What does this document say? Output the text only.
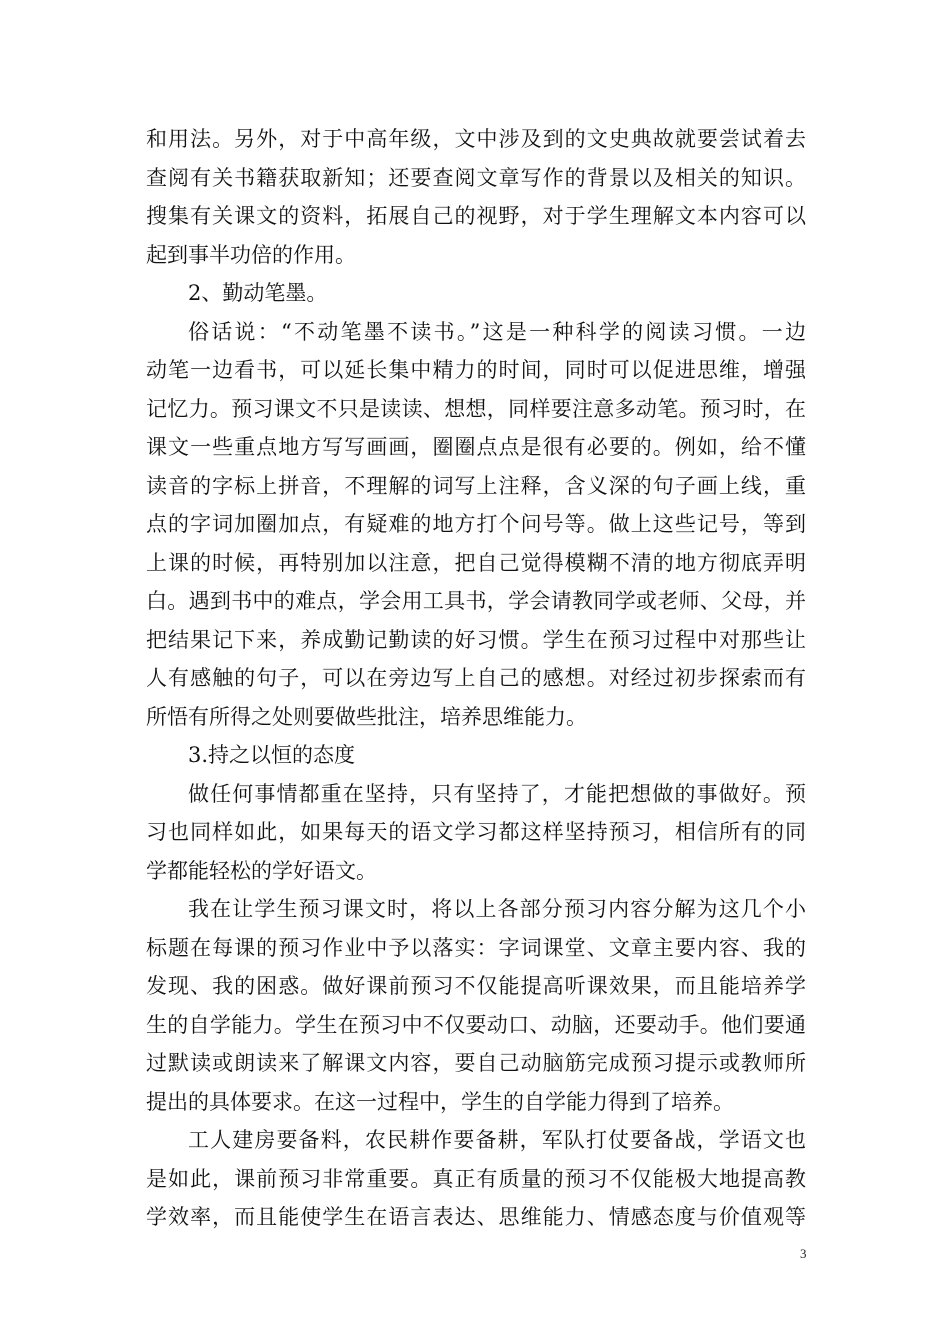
和用法。另外，对于中高年级，文中涉及到的文史典故就要尝试着去
查阅有关书籍获取新知；还要查阅文章写作的背景以及相关的知识。
搜集有关课文的资料，拓展自己的视野，对于学生理解文本内容可以
起到事半功倍的作用。
2、勤动笔墨。
俗话说：“不动笔墨不读书。”这是一种科学的阅读习惯。一边
动笔一边看书，可以延长集中精力的时间，同时可以促进思维，增强
记忆力。预习课文不只是读读、想想，同样要注意多动笔。预习时，在
课文一些重点地方写写画画，圈圈点点是很有必要的。例如，给不懂
读音的字标上拼音，不理解的词写上注释，含义深的句子画上线，重
点的字词加圈加点，有疑难的地方打个问号等。做上这些记号，等到
上课的时候，再特别加以注意，把自己觉得模糊不清的地方彻底弄明
白。遇到书中的难点，学会用工具书，学会请教同学或老师、父母，并
把结果记下来，养成勤记勤读的好习惯。学生在预习过程中对那些让
人有感触的句子，可以在旁边写上自己的感想。对经过初步探索而有
所悟有所得之处则要做些批注，培养思维能力。
3.持之以恒的态度
做任何事情都重在坚持，只有坚持了，才能把想做的事做好。预
习也同样如此，如果每天的语文学习都这样坚持预习，相信所有的同
学都能轻松的学好语文。
我在让学生预习课文时，将以上各部分预习内容分解为这几个小
标题在每课的预习作业中予以落实：字词课堂、文章主要内容、我的
发现、我的困惑。做好课前预习不仅能提高听课效果，而且能培养学
生的自学能力。学生在预习中不仅要动口、动脑，还要动手。他们要通
过默读或朗读来了解课文内容，要自己动脑筋完成预习提示或教师所
提出的具体要求。在这一过程中，学生的自学能力得到了培养。
工人建房要备料，农民耕作要备耕，军队打仗要备战，学语文也
是如此，课前预习非常重要。真正有质量的预习不仅能极大地提高教
学效率，而且能使学生在语言表达、思维能力、情感态度与价值观等
3
